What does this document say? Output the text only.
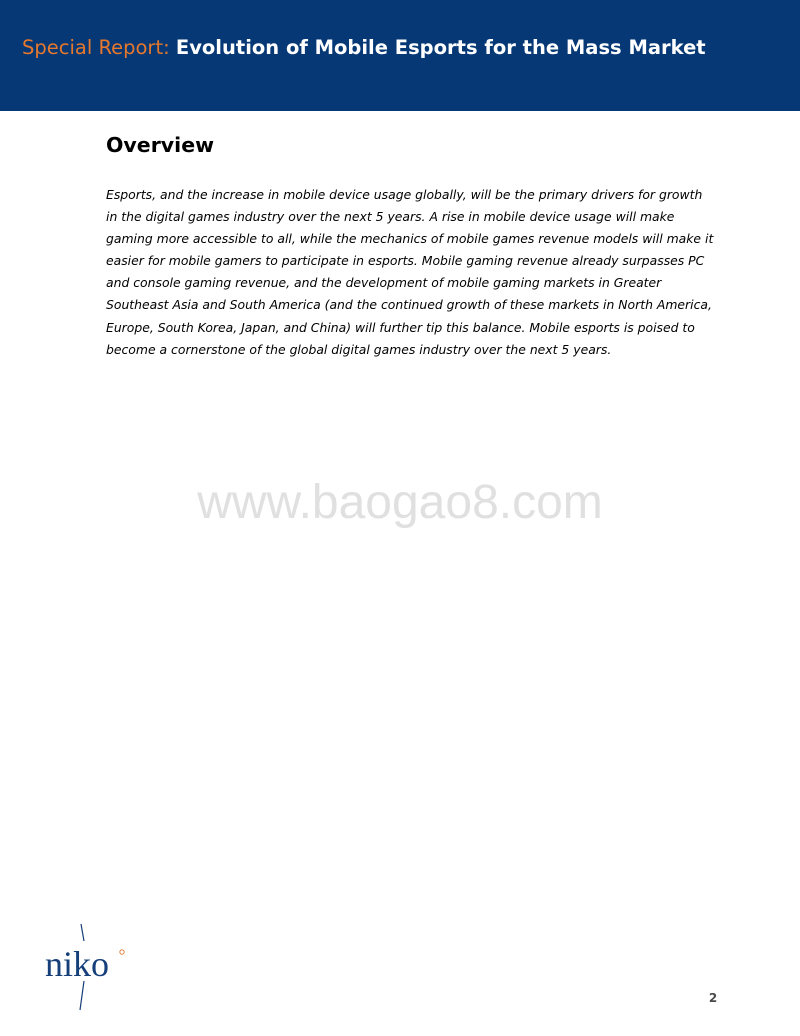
Special Report: Evolution of Mobile Esports for the Mass Market
Overview

Esports, and the increase in mobile device usage globally, will be the primary drivers for growth in the digital games industry over the next 5 years. A rise in mobile device usage will make gaming more accessible to all, while the mechanics of mobile games revenue models will make it easier for mobile gamers to participate in esports. Mobile gaming revenue already surpasses PC and console gaming revenue, and the development of mobile gaming markets in Greater Southeast Asia and South America (and the continued growth of these markets in North America, Europe, South Korea, Japan, and China) will further tip this balance. Mobile esports is poised to become a cornerstone of the global digital games industry over the next 5 years.

www.baogao8.com
niko
2
